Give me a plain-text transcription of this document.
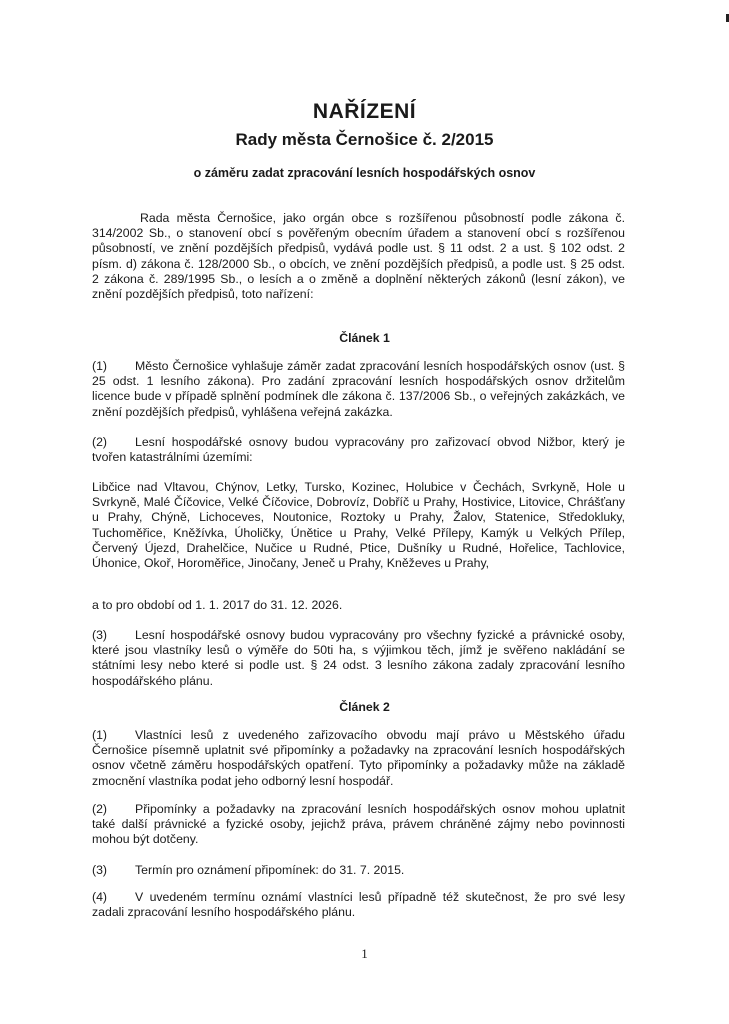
NAŘÍZENÍ
Rady města Černošice č. 2/2015

o záměru zadat zpracování lesních hospodářských osnov

Rada města Černošice, jako orgán obce s rozšířenou působností podle zákona č. 314/2002 Sb., o stanovení obcí s pověřeným obecním úřadem a stanovení obcí s rozšířenou působností, ve znění pozdějších předpisů, vydává podle ust. § 11 odst. 2 a ust. § 102 odst. 2 písm. d) zákona č. 128/2000 Sb., o obcích, ve znění pozdějších předpisů, a podle ust. § 25 odst. 2 zákona č. 289/1995 Sb., o lesích a o změně a doplnění některých zákonů (lesní zákon), ve znění pozdějších předpisů, toto nařízení:

Článek 1

(1) Město Černošice vyhlašuje záměr zadat zpracování lesních hospodářských osnov (ust. § 25 odst. 1 lesního zákona). Pro zadání zpracování lesních hospodářských osnov držitelům licence bude v případě splnění podmínek dle zákona č. 137/2006 Sb., o veřejných zakázkách, ve znění pozdějších předpisů, vyhlášena veřejná zakázka.

(2) Lesní hospodářské osnovy budou vypracovány pro zařizovací obvod Nižbor, který je tvořen katastrálními územími:

Libčice nad Vltavou, Chýnov, Letky, Tursko, Kozinec, Holubice v Čechách, Svrkyně, Hole u Svrkyně, Malé Číčovice, Velké Číčovice, Dobrovíz, Dobříč u Prahy, Hostivice, Litovice, Chrášťany u Prahy, Chýně, Lichoceves, Noutonice, Roztoky u Prahy, Žalov, Statenice, Středokluky, Tuchoměřice, Kněžívka, Úholičky, Únětice u Prahy, Velké Přílepy, Kamýk u Velkých Přílep, Červený Újezd, Drahelčice, Nučice u Rudné, Ptice, Dušníky u Rudné, Hořelice, Tachlovice, Úhonice, Okoř, Horoměřice, Jinočany, Jeneč u Prahy, Kněževes u Prahy,

a to pro období od 1. 1. 2017 do 31. 12. 2026.

(3) Lesní hospodářské osnovy budou vypracovány pro všechny fyzické a právnické osoby, které jsou vlastníky lesů o výměře do 50ti ha, s výjimkou těch, jímž je svěřeno nakládání se státními lesy nebo které si podle ust. § 24 odst. 3 lesního zákona zadaly zpracování lesního hospodářského plánu.

Článek 2

(1) Vlastníci lesů z uvedeného zařizovacího obvodu mají právo u Městského úřadu Černošice písemně uplatnit své připomínky a požadavky na zpracování lesních hospodářských osnov včetně záměru hospodářských opatření. Tyto připomínky a požadavky může na základě zmocnění vlastníka podat jeho odborný lesní hospodář.

(2) Připomínky a požadavky na zpracování lesních hospodářských osnov mohou uplatnit také další právnické a fyzické osoby, jejichž práva, právem chráněné zájmy nebo povinnosti mohou být dotčeny.

(3) Termín pro oznámení připomínek: do 31. 7. 2015.

(4) V uvedeném termínu oznámí vlastníci lesů případně též skutečnost, že pro své lesy zadali zpracování lesního hospodářského plánu.

1
